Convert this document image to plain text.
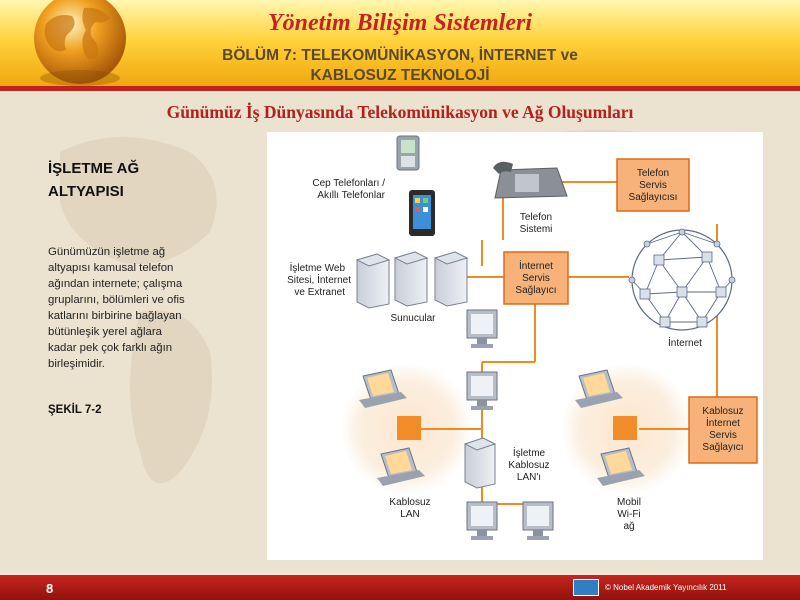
Yönetim Bilişim Sistemleri
BÖLÜM 7: TELEKOMÜNİKASYON, İNTERNET ve
KABLOSUZ TEKNOLOJİ
Günümüz İş Dünyasında Telekomünikasyon ve Ağ Oluşumları
İŞLETME AĞ
ALTYAPISI
Günümüzün işletme ağ
altyapısı kamusal telefon
ağından internete; çalışma
gruplarını, bölümleri ve ofis
katlarını birbirine bağlayan
bütünleşik yerel ağlara
kadar pek çok farklı ağın
birleşimidir.
ŞEKİL 7-2
Cep Telefonları /
Akıllı Telefonlar
Telefon
Sistemi
Telefon
Servis
Sağlayıcısı
İşletme Web
Sitesi, İnternet
ve Extranet
Sunucular
İnternet
Servis
Sağlayıcı
İnternet
İşletme
Kablosuz
LAN'ı
Kablosuz
LAN
Mobil
Wi-Fi
ağ
Kablosuz
İnternet
Servis
Sağlayıcı
8	© Nobel Akademik Yayıncılık 2011
